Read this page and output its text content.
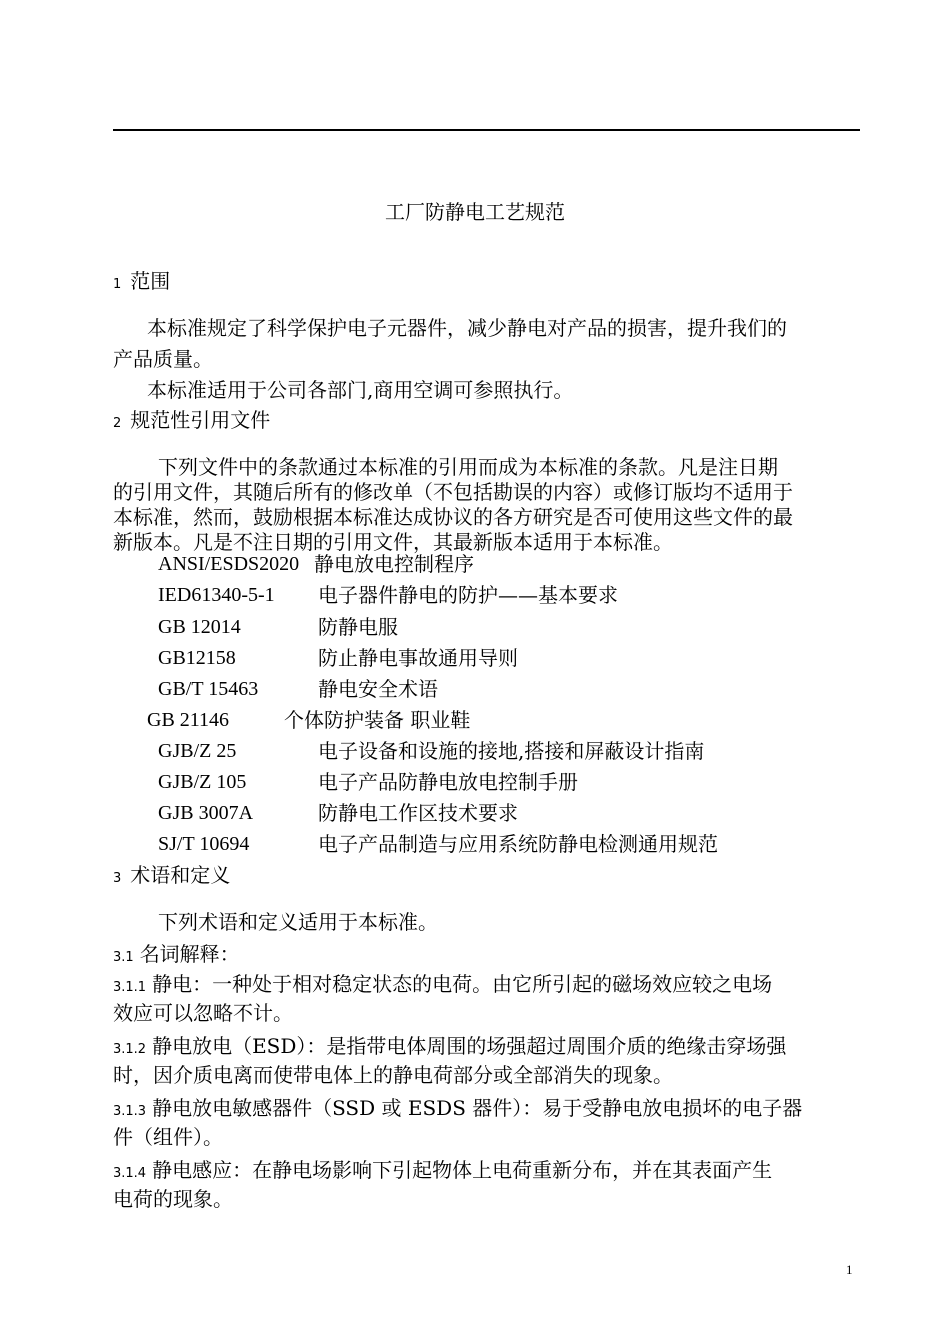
工厂防静电工艺规范
1 范围
本标准规定了科学保护电子元器件，减少静电对产品的损害，提升我们的
产品质量。
本标准适用于公司各部门,商用空调可参照执行。
2 规范性引用文件
下列文件中的条款通过本标准的引用而成为本标准的条款。凡是注日期
的引用文件，其随后所有的修改单（不包括勘误的内容）或修订版均不适用于
本标准，然而，鼓励根据本标准达成协议的各方研究是否可使用这些文件的最
新版本。凡是不注日期的引用文件，其最新版本适用于本标准。
ANSI/ESDS2020 静电放电控制程序
IED61340-5-1 电子器件静电的防护——基本要求
GB 12014	防静电服
GB12158	防止静电事故通用导则
GB/T 15463	静电安全术语
GB 21146	个体防护装备 职业鞋
GJB/Z 25	电子设备和设施的接地,搭接和屏蔽设计指南
GJB/Z 105	电子产品防静电放电控制手册
GJB 3007A	防静电工作区技术要求
SJ/T 10694	电子产品制造与应用系统防静电检测通用规范
3 术语和定义
下列术语和定义适用于本标准。
3.1 名词解释：
3.1.1 静电：一种处于相对稳定状态的电荷。由它所引起的磁场效应较之电场
效应可以忽略不计。
3.1.2 静电放电（ESD）：是指带电体周围的场强超过周围介质的绝缘击穿场强
时，因介质电离而使带电体上的静电荷部分或全部消失的现象。
3.1.3 静电放电敏感器件（SSD 或 ESDS 器件）：易于受静电放电损坏的电子器
件（组件）。
3.1.4 静电感应：在静电场影响下引起物体上电荷重新分布，并在其表面产生
电荷的现象。
1
